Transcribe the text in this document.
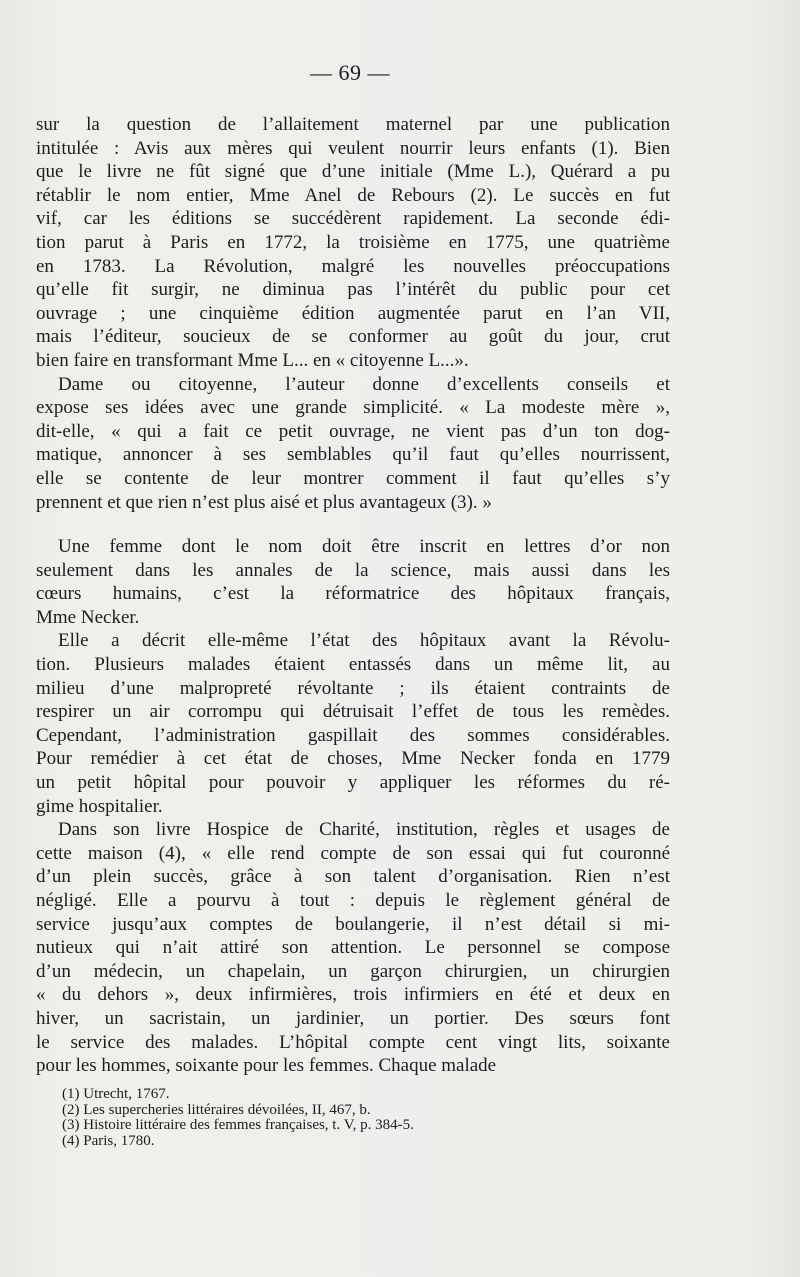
— 69 —
sur la question de l’allaitement maternel par une publication
intitulée : Avis aux mères qui veulent nourrir leurs enfants (1). Bien
que le livre ne fût signé que d’une initiale (Mme L.), Quérard a pu
rétablir le nom entier, Mme Anel de Rebours (2). Le succès en fut
vif, car les éditions se succédèrent rapidement. La seconde édi-
tion parut à Paris en 1772, la troisième en 1775, une quatrième
en 1783. La Révolution, malgré les nouvelles préoccupations
qu’elle fit surgir, ne diminua pas l’intérêt du public pour cet
ouvrage ; une cinquième édition augmentée parut en l’an VII,
mais l’éditeur, soucieux de se conformer au goût du jour, crut
bien faire en transformant Mme L... en « citoyenne L...».
Dame ou citoyenne, l’auteur donne d’excellents conseils et
expose ses idées avec une grande simplicité. « La modeste mère »,
dit-elle, « qui a fait ce petit ouvrage, ne vient pas d’un ton dog-
matique, annoncer à ses semblables qu’il faut qu’elles nourrissent,
elle se contente de leur montrer comment il faut qu’elles s’y
prennent et que rien n’est plus aisé et plus avantageux (3). »
Une femme dont le nom doit être inscrit en lettres d’or non
seulement dans les annales de la science, mais aussi dans les
cœurs humains, c’est la réformatrice des hôpitaux français,
Mme Necker.
Elle a décrit elle-même l’état des hôpitaux avant la Révolu-
tion. Plusieurs malades étaient entassés dans un même lit, au
milieu d’une malpropreté révoltante ; ils étaient contraints de
respirer un air corrompu qui détruisait l’effet de tous les remèdes.
Cependant, l’administration gaspillait des sommes considérables.
Pour remédier à cet état de choses, Mme Necker fonda en 1779
un petit hôpital pour pouvoir y appliquer les réformes du ré-
gime hospitalier.
Dans son livre Hospice de Charité, institution, règles et usages de
cette maison (4), « elle rend compte de son essai qui fut couronné
d’un plein succès, grâce à son talent d’organisation. Rien n’est
négligé. Elle a pourvu à tout : depuis le règlement général de
service jusqu’aux comptes de boulangerie, il n’est détail si mi-
nutieux qui n’ait attiré son attention. Le personnel se compose
d’un médecin, un chapelain, un garçon chirurgien, un chirurgien
« du dehors », deux infirmières, trois infirmiers en été et deux en
hiver, un sacristain, un jardinier, un portier. Des sœurs font
le service des malades. L’hôpital compte cent vingt lits, soixante
pour les hommes, soixante pour les femmes. Chaque malade
(1) Utrecht, 1767.
(2) Les supercheries littéraires dévoilées, II, 467, b.
(3) Histoire littéraire des femmes françaises, t. V, p. 384-5.
(4) Paris, 1780.
